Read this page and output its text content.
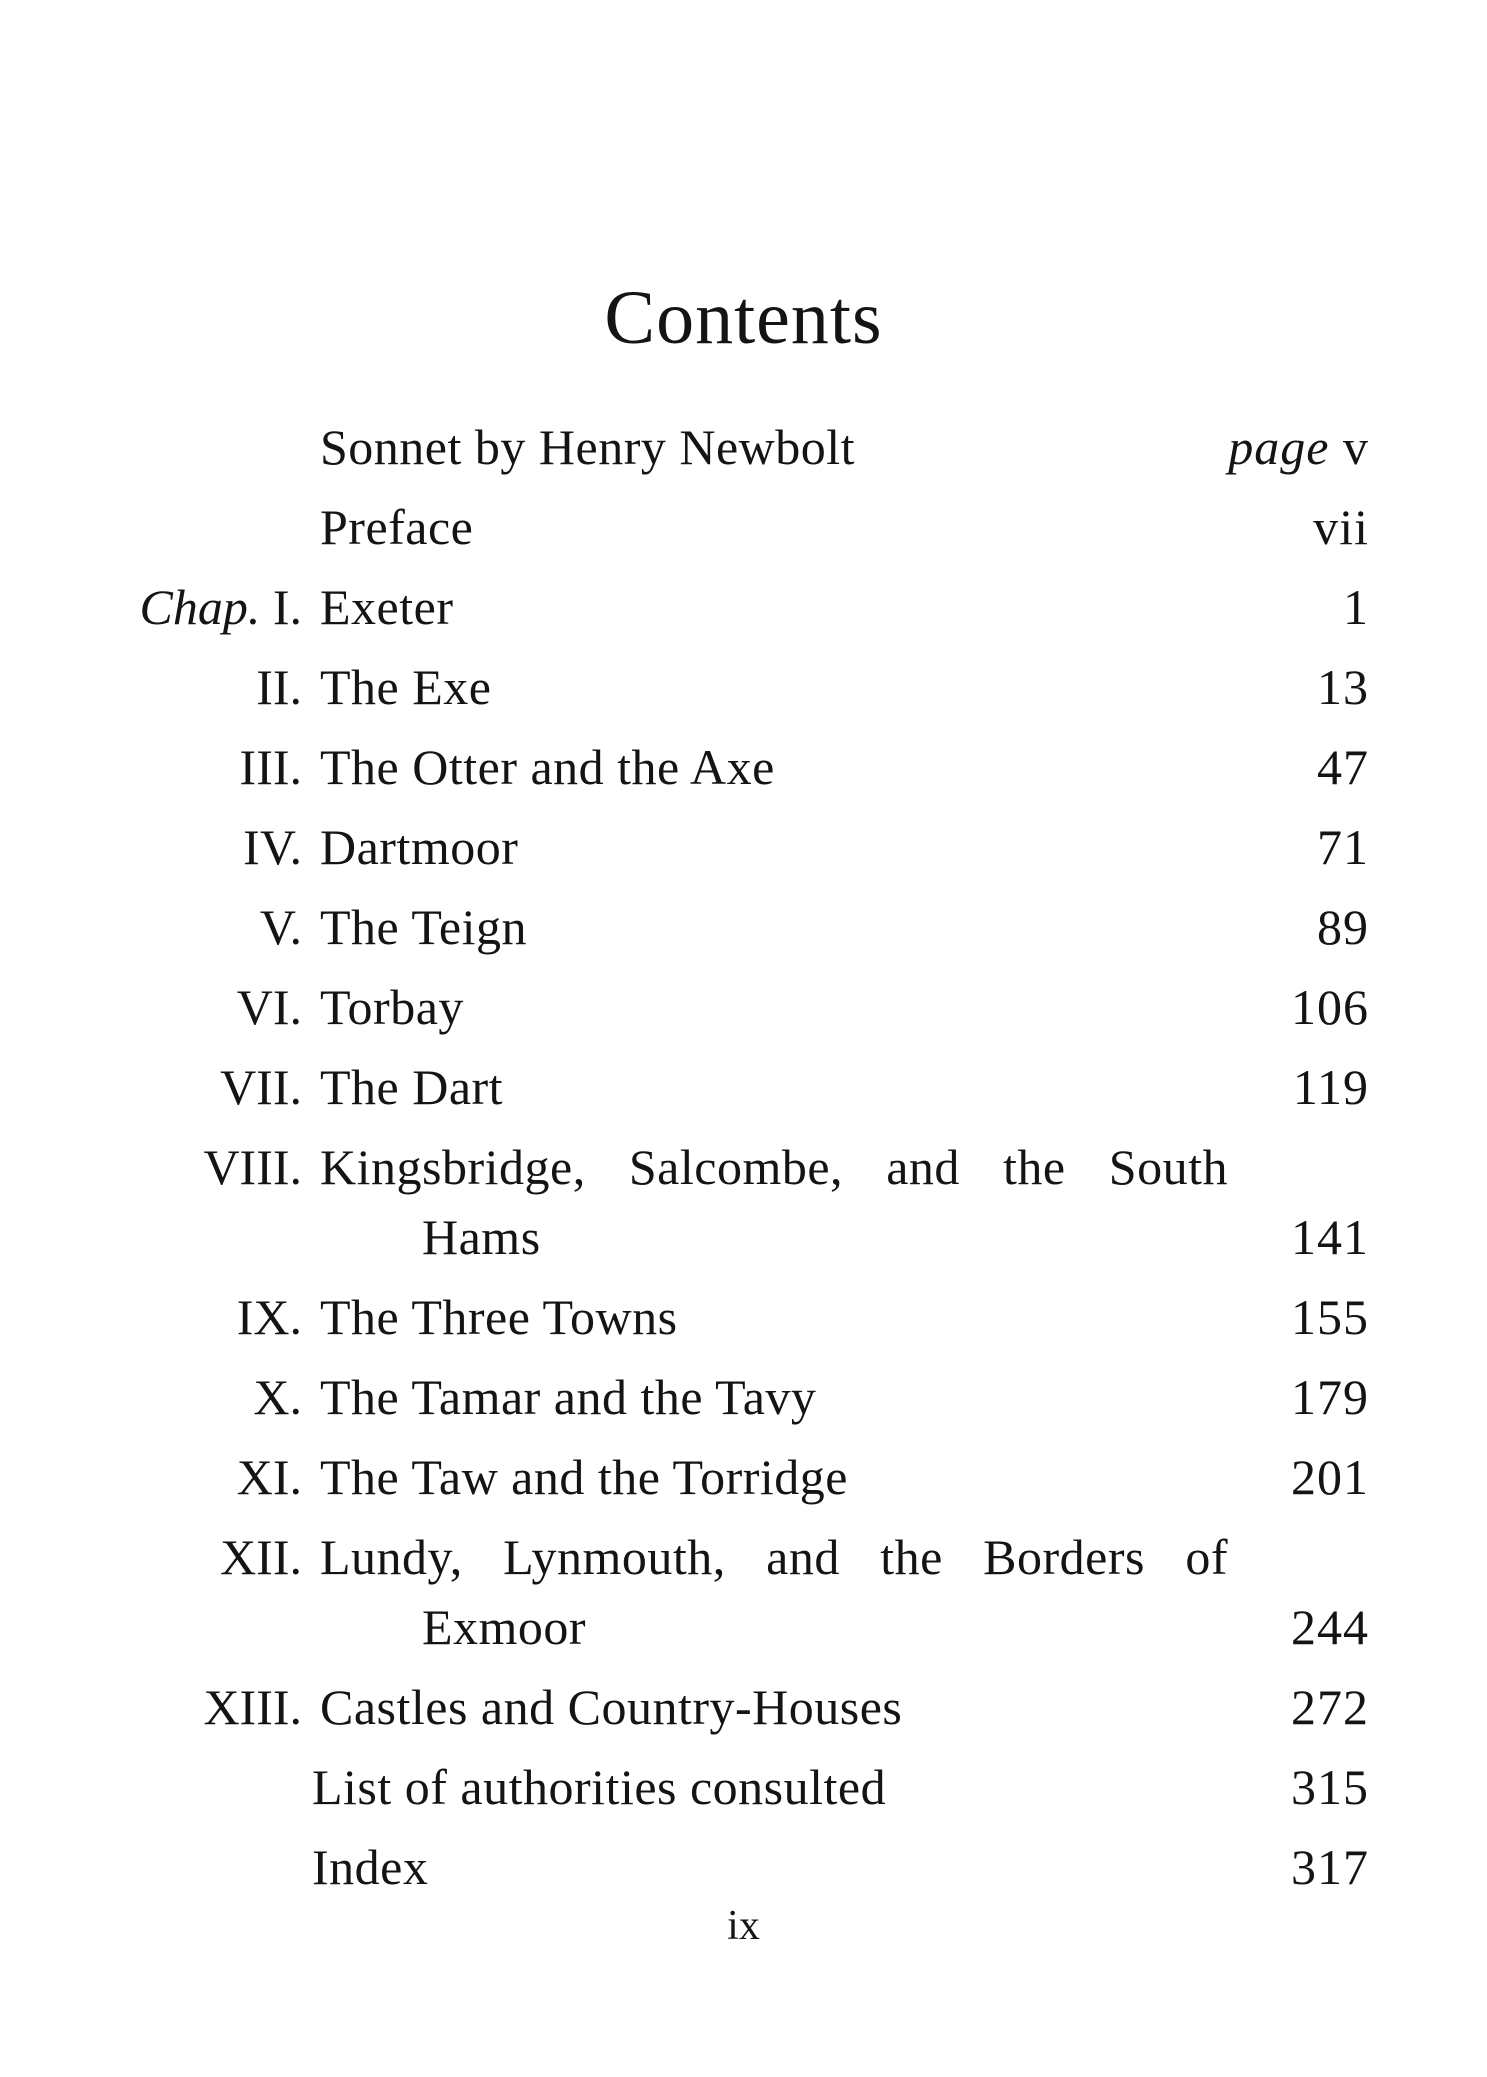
Contents
Sonnet by Henry Newbolt	page v
Preface	vii
Chap. I. Exeter	1
II. The Exe	13
III. The Otter and the Axe	47
IV. Dartmoor	71
V. The Teign	89
VI. Torbay	106
VII. The Dart	119
VIII. Kingsbridge, Salcombe, and the South
Hams	141
IX. The Three Towns	155
X. The Tamar and the Tavy	179
XI. The Taw and the Torridge	201
XII. Lundy, Lynmouth, and the Borders of
Exmoor	244
XIII. Castles and Country-Houses	272
List of authorities consulted	315
Index	317
ix
